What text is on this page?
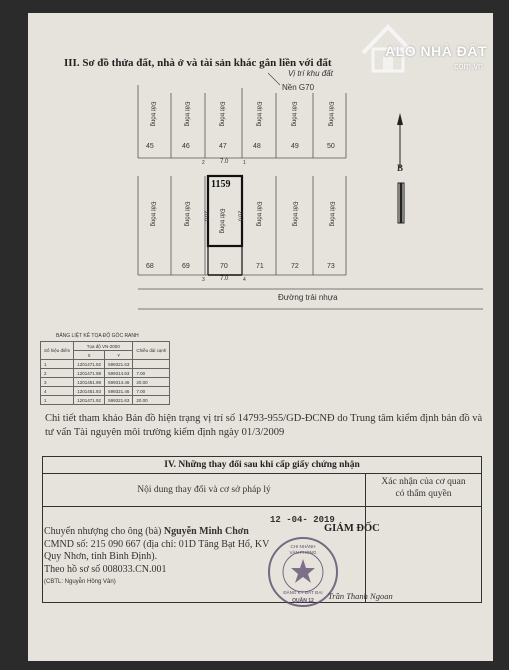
ALO NHÀ ĐẤT
.com.vn
III. Sơ đồ thửa đất, nhà ở và tài sản khác gắn liền với đất
Vị trí khu đất
Nền G70
45	46	47	48	49	50
68	69	70	71	72	73
Đất trống	Đất trống	Đất trống	Đất trống	Đất trống	Đất trống
Đất trống	Đất trống	Đất trống	Đất trống	Đất trống	Đất trống
1159
7.0
7.0
20.0	20.0
2	1
3	4
Đường trải nhựa
B
BẢNG LIỆT KÊ TỌA ĐỘ GÓC RANH
Số hiệu điểm	Tọa độ VN-2000		Chiều dài cạnh
	X	Y	
1	1201471.92	599321.63	
2	1201471.98	599314.63	7.00
3	1201451.98	599314.46	20.00
4	1201451.93	599321.46	7.00
1	1201471.92	599321.63	20.00
Chi tiết tham khảo Bản đồ hiện trạng vị trí số 14793-955/GD-ĐCNĐ do Trung tâm kiểm định bản đồ và tư vấn Tài nguyên môi trường kiểm định ngày 01/3/2009
IV. Những thay đổi sau khi cấp giấy chứng nhận
Nội dung thay đổi và cơ sở pháp lý
Xác nhận của cơ quan
có thẩm quyền
12 -04- 2019
Chuyển nhượng cho ông (bà) Nguyễn Minh Chơn
CMND số: 215 090 667 (địa chỉ: 01D Tăng Bạt Hổ, KV
Quy Nhơn, tỉnh Bình Định).
Theo hồ sơ số 008033.CN.001
(CBTL: Nguyễn Hồng Vân)
GIÁM ĐỐC
CHI NHÁNH
VĂN PHÒNG
ĐĂNG KÝ ĐẤT ĐAI
QUẬN 12 Trần Thanh Ngoan
